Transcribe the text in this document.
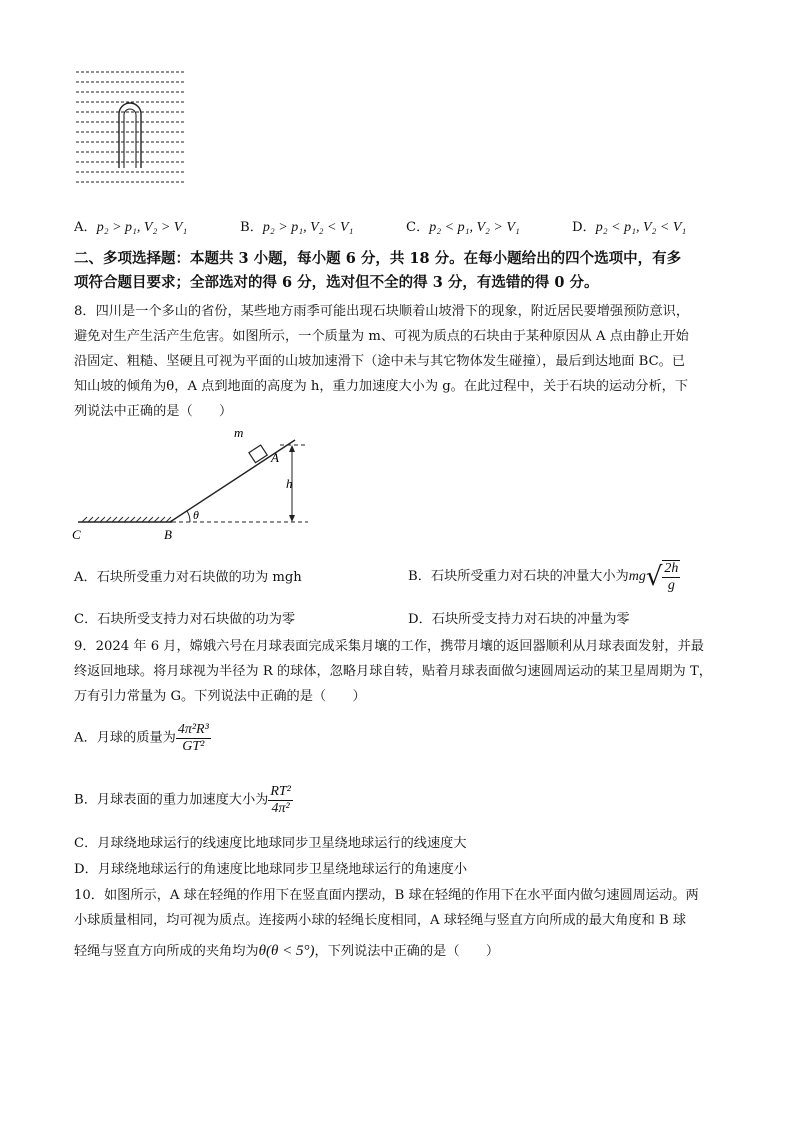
A．p₂ > p₁, V₂ > V₁	B．p₂ > p₁, V₂ < V₁	C．p₂ < p₁, V₂ > V₁	D．p₂ < p₁, V₂ < V₁
二、多项选择题：本题共 3 小题，每小题 6 分，共 18 分。在每小题给出的四个选项中，有多
项符合题目要求；全部选对的得 6 分，选对但不全的得 3 分，有选错的得 0 分。
8．四川是一个多山的省份，某些地方雨季可能出现石块顺着山坡滑下的现象，附近居民要增强预防意识，
避免对生产生活产生危害。如图所示，一个质量为 m、可视为质点的石块由于某种原因从 A 点由静止开始
沿固定、粗糙、坚硬且可视为平面的山坡加速滑下（途中未与其它物体发生碰撞），最后到达地面 BC。已
知山坡的倾角为θ，A 点到地面的高度为 h，重力加速度大小为 g。在此过程中，关于石块的运动分析，下
列说法中正确的是（　　）
m
A
h
θ
C	B
A．石块所受重力对石块做的功为 mgh	B．石块所受重力对石块的冲量大小为$mg√ \frac{2h}{g}$
C．石块所受支持力对石块做的功为零	D．石块所受支持力对石块的冲量为零
9．2024 年 6 月，嫦娥六号在月球表面完成采集月壤的工作，携带月壤的返回器顺利从月球表面发射，并最
终返回地球。将月球视为半径为 R 的球体，忽略月球自转，贴着月球表面做匀速圆周运动的某卫星周期为 T，
万有引力常量为 G。下列说法中正确的是（　　）
A．月球的质量为 $\frac{\text{4π²R³}}{\text{GT²}}$
B．月球表面的重力加速度大小为 $\frac{\text{RT²}}{\text{4π²}}$
C．月球绕地球运行的线速度比地球同步卫星绕地球运行的线速度大
D．月球绕地球运行的角速度比地球同步卫星绕地球运行的角速度小
10．如图所示，A 球在轻绳的作用下在竖直面内摆动，B 球在轻绳的作用下在水平面内做匀速圆周运动。两
小球质量相同，均可视为质点。连接两小球的轻绳长度相同，A 球轻绳与竖直方向所成的最大角度和 B 球
轻绳与竖直方向所成的夹角均为θ(θ < 5°)，下列说法中正确的是（　　）
